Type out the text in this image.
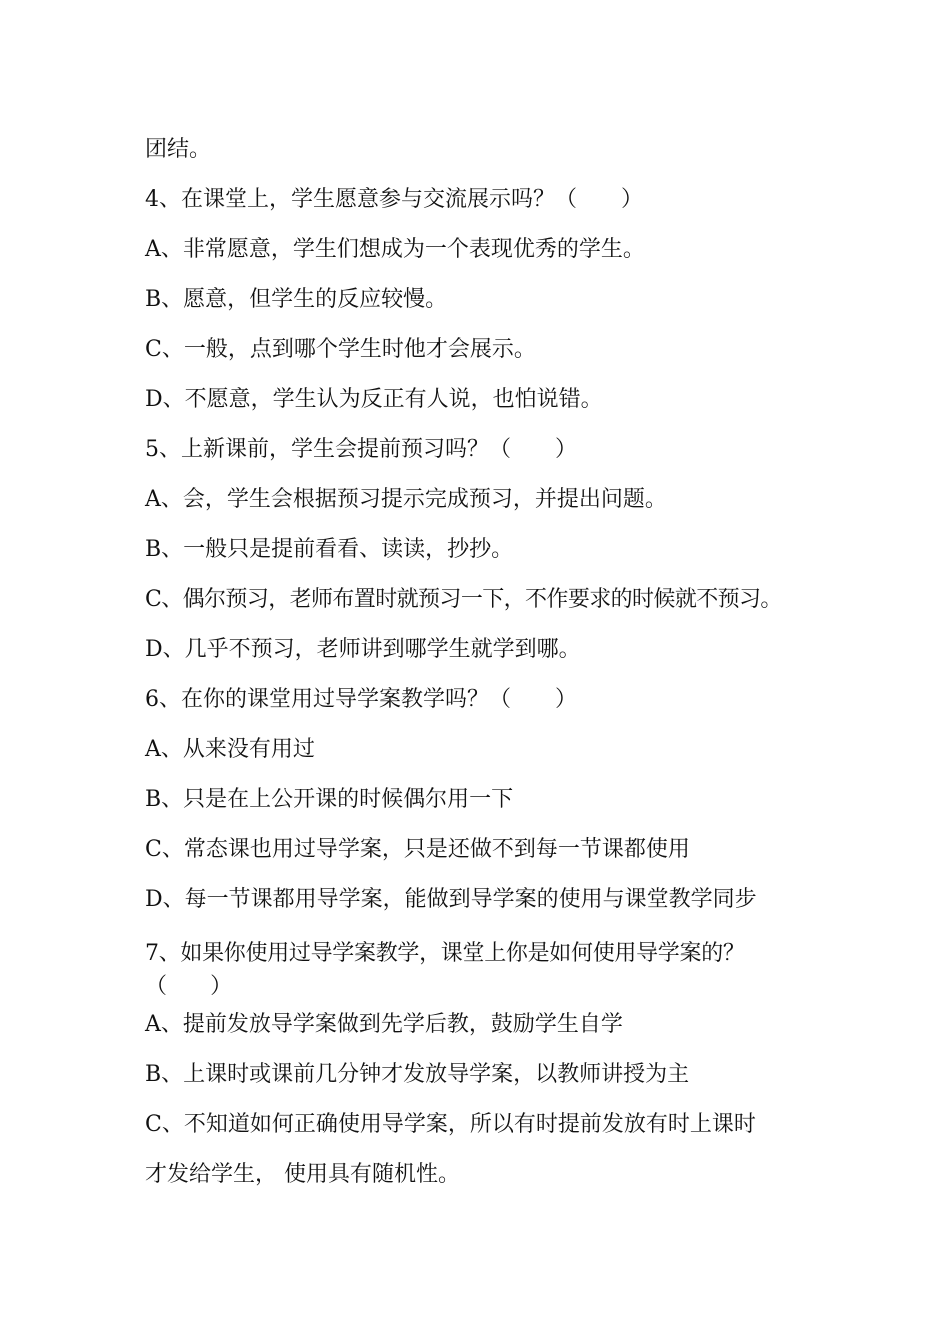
团结。
4、在课堂上，学生愿意参与交流展示吗？（　　）
A、非常愿意，学生们想成为一个表现优秀的学生。
B、愿意，但学生的反应较慢。
C、一般，点到哪个学生时他才会展示。
D、不愿意，学生认为反正有人说，也怕说错。
5、上新课前，学生会提前预习吗？（　　）
A、会，学生会根据预习提示完成预习，并提出问题。
B、一般只是提前看看、读读，抄抄。
C、偶尔预习，老师布置时就预习一下，不作要求的时候就不预习。
D、几乎不预习，老师讲到哪学生就学到哪。
6、在你的课堂用过导学案教学吗？（　　）
A、从来没有用过
B、只是在上公开课的时候偶尔用一下
C、常态课也用过导学案，只是还做不到每一节课都使用
D、每一节课都用导学案，能做到导学案的使用与课堂教学同步
7、如果你使用过导学案教学，课堂上你是如何使用导学案的？（　　）
A、提前发放导学案做到先学后教，鼓励学生自学
B、上课时或课前几分钟才发放导学案，以教师讲授为主
C、不知道如何正确使用导学案，所以有时提前发放有时上课时
才发给学生， 使用具有随机性。
